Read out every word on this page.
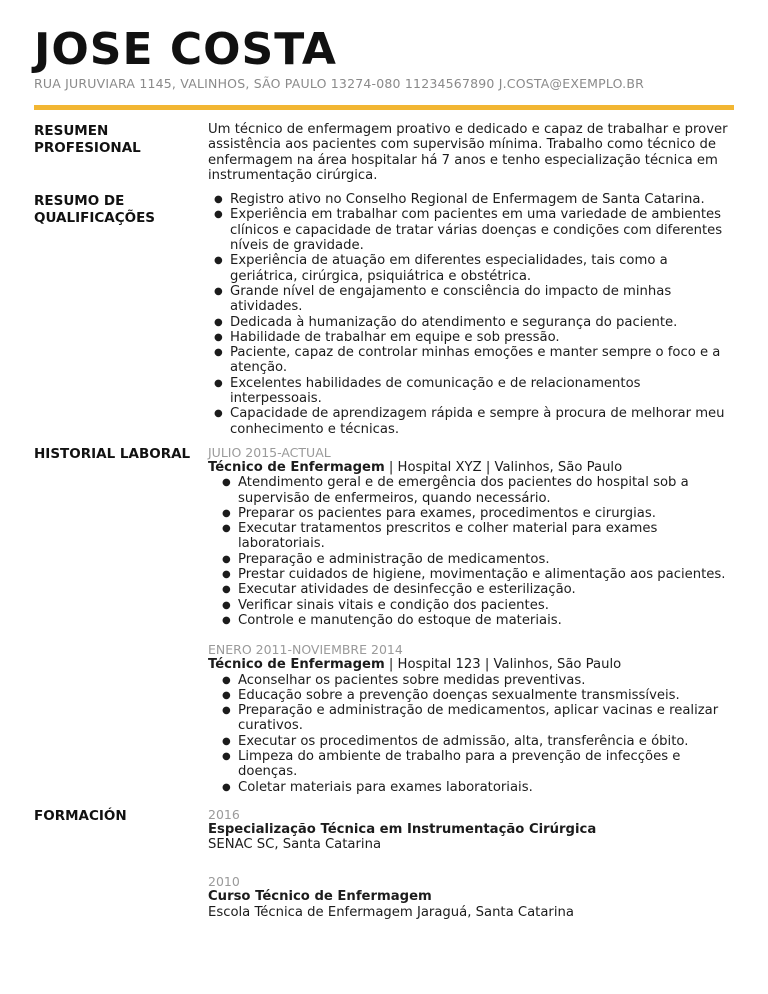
JOSE COSTA
RUA JURUVIARA 1145, VALINHOS, SÃO PAULO 13274-080 11234567890 J.COSTA@EXEMPLO.BR
RESUMEN PROFESIONAL

Um técnico de enfermagem proativo e dedicado e capaz de trabalhar e prover assistência aos pacientes com supervisão mínima. Trabalho como técnico de enfermagem na área hospitalar há 7 anos e tenho especialização técnica em instrumentação cirúrgica.

RESUMO DE QUALIFICAÇÕES
● Registro ativo no Conselho Regional de Enfermagem de Santa Catarina.
● Experiência em trabalhar com pacientes em uma variedade de ambientes clínicos e capacidade de tratar várias doenças e condições com diferentes níveis de gravidade.
● Experiência de atuação em diferentes especialidades, tais como a geriátrica, cirúrgica, psiquiátrica e obstétrica.
● Grande nível de engajamento e consciência do impacto de minhas atividades.
● Dedicada à humanização do atendimento e segurança do paciente.
● Habilidade de trabalhar em equipe e sob pressão.
● Paciente, capaz de controlar minhas emoções e manter sempre o foco e a atenção.
● Excelentes habilidades de comunicação e de relacionamentos interpessoais.
● Capacidade de aprendizagem rápida e sempre à procura de melhorar meu conhecimento e técnicas.
HISTORIAL LABORAL	JULIO 2015-ACTUAL
Técnico de Enfermagem | Hospital XYZ | Valinhos, São Paulo
● Atendimento geral e de emergência dos pacientes do hospital sob a supervisão de enfermeiros, quando necessário.
● Preparar os pacientes para exames, procedimentos e cirurgias.
● Executar tratamentos prescritos e colher material para exames laboratoriais.
● Preparação e administração de medicamentos.
● Prestar cuidados de higiene, movimentação e alimentação aos pacientes.
● Executar atividades de desinfecção e esterilização.
● Verificar sinais vitais e condição dos pacientes.
● Controle e manutenção do estoque de materiais.
ENERO 2011-NOVIEMBRE 2014
Técnico de Enfermagem | Hospital 123 | Valinhos, São Paulo
● Aconselhar os pacientes sobre medidas preventivas.
● Educação sobre a prevenção doenças sexualmente transmissíveis.
● Preparação e administração de medicamentos, aplicar vacinas e realizar curativos.
● Executar os procedimentos de admissão, alta, transferência e óbito.
● Limpeza do ambiente de trabalho para a prevenção de infecções e doenças.
● Coletar materiais para exames laboratoriais.
FORMACIÓN	2016
Especialização Técnica em Instrumentação Cirúrgica
SENAC SC, Santa Catarina
2010
Curso Técnico de Enfermagem
Escola Técnica de Enfermagem Jaraguá, Santa Catarina
